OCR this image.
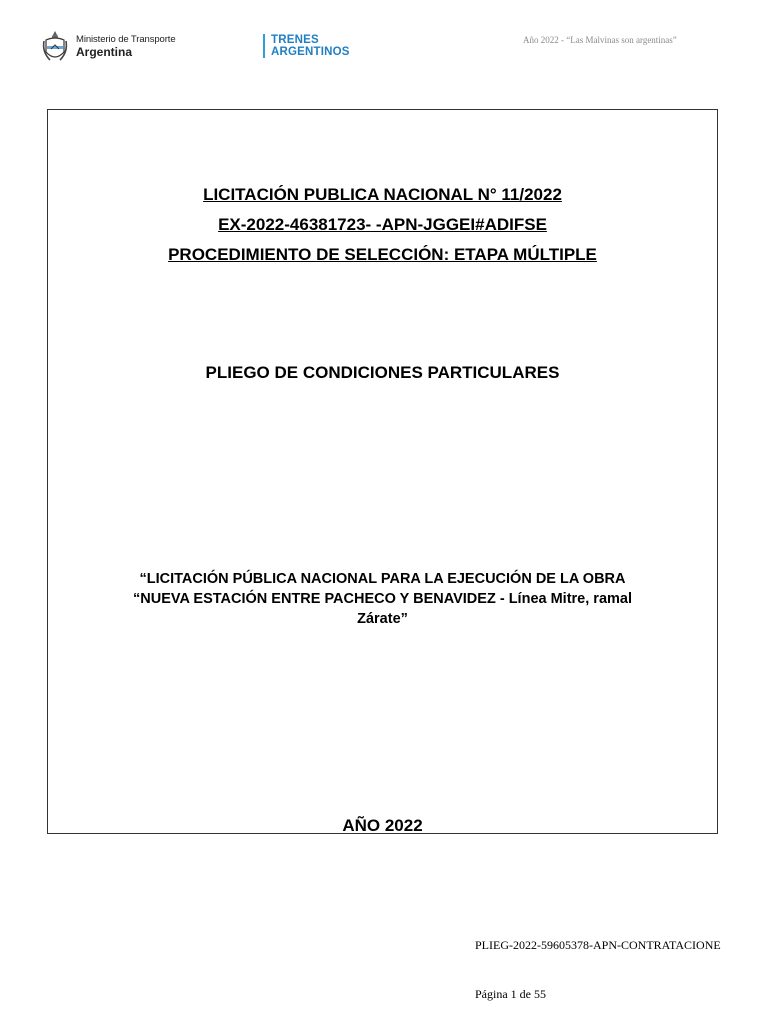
Ministerio de Transporte
Argentina
TRENES
ARGENTINOS
Año 2022 - “Las Malvinas son argentinas”
LICITACIÓN PUBLICA NACIONAL N° 11/2022
EX-2022-46381723- -APN-JGGEI#ADIFSE
PROCEDIMIENTO DE SELECCIÓN: ETAPA MÚLTIPLE
PLIEGO DE CONDICIONES PARTICULARES
“LICITACIÓN PÚBLICA NACIONAL PARA LA EJECUCIÓN DE LA OBRA
“NUEVA ESTACIÓN ENTRE PACHECO Y BENAVIDEZ - Línea Mitre, ramal
Zárate”
AÑO 2022
PLIEG-2022-59605378-APN-CONTRATACIONE
Página 1 de 55
